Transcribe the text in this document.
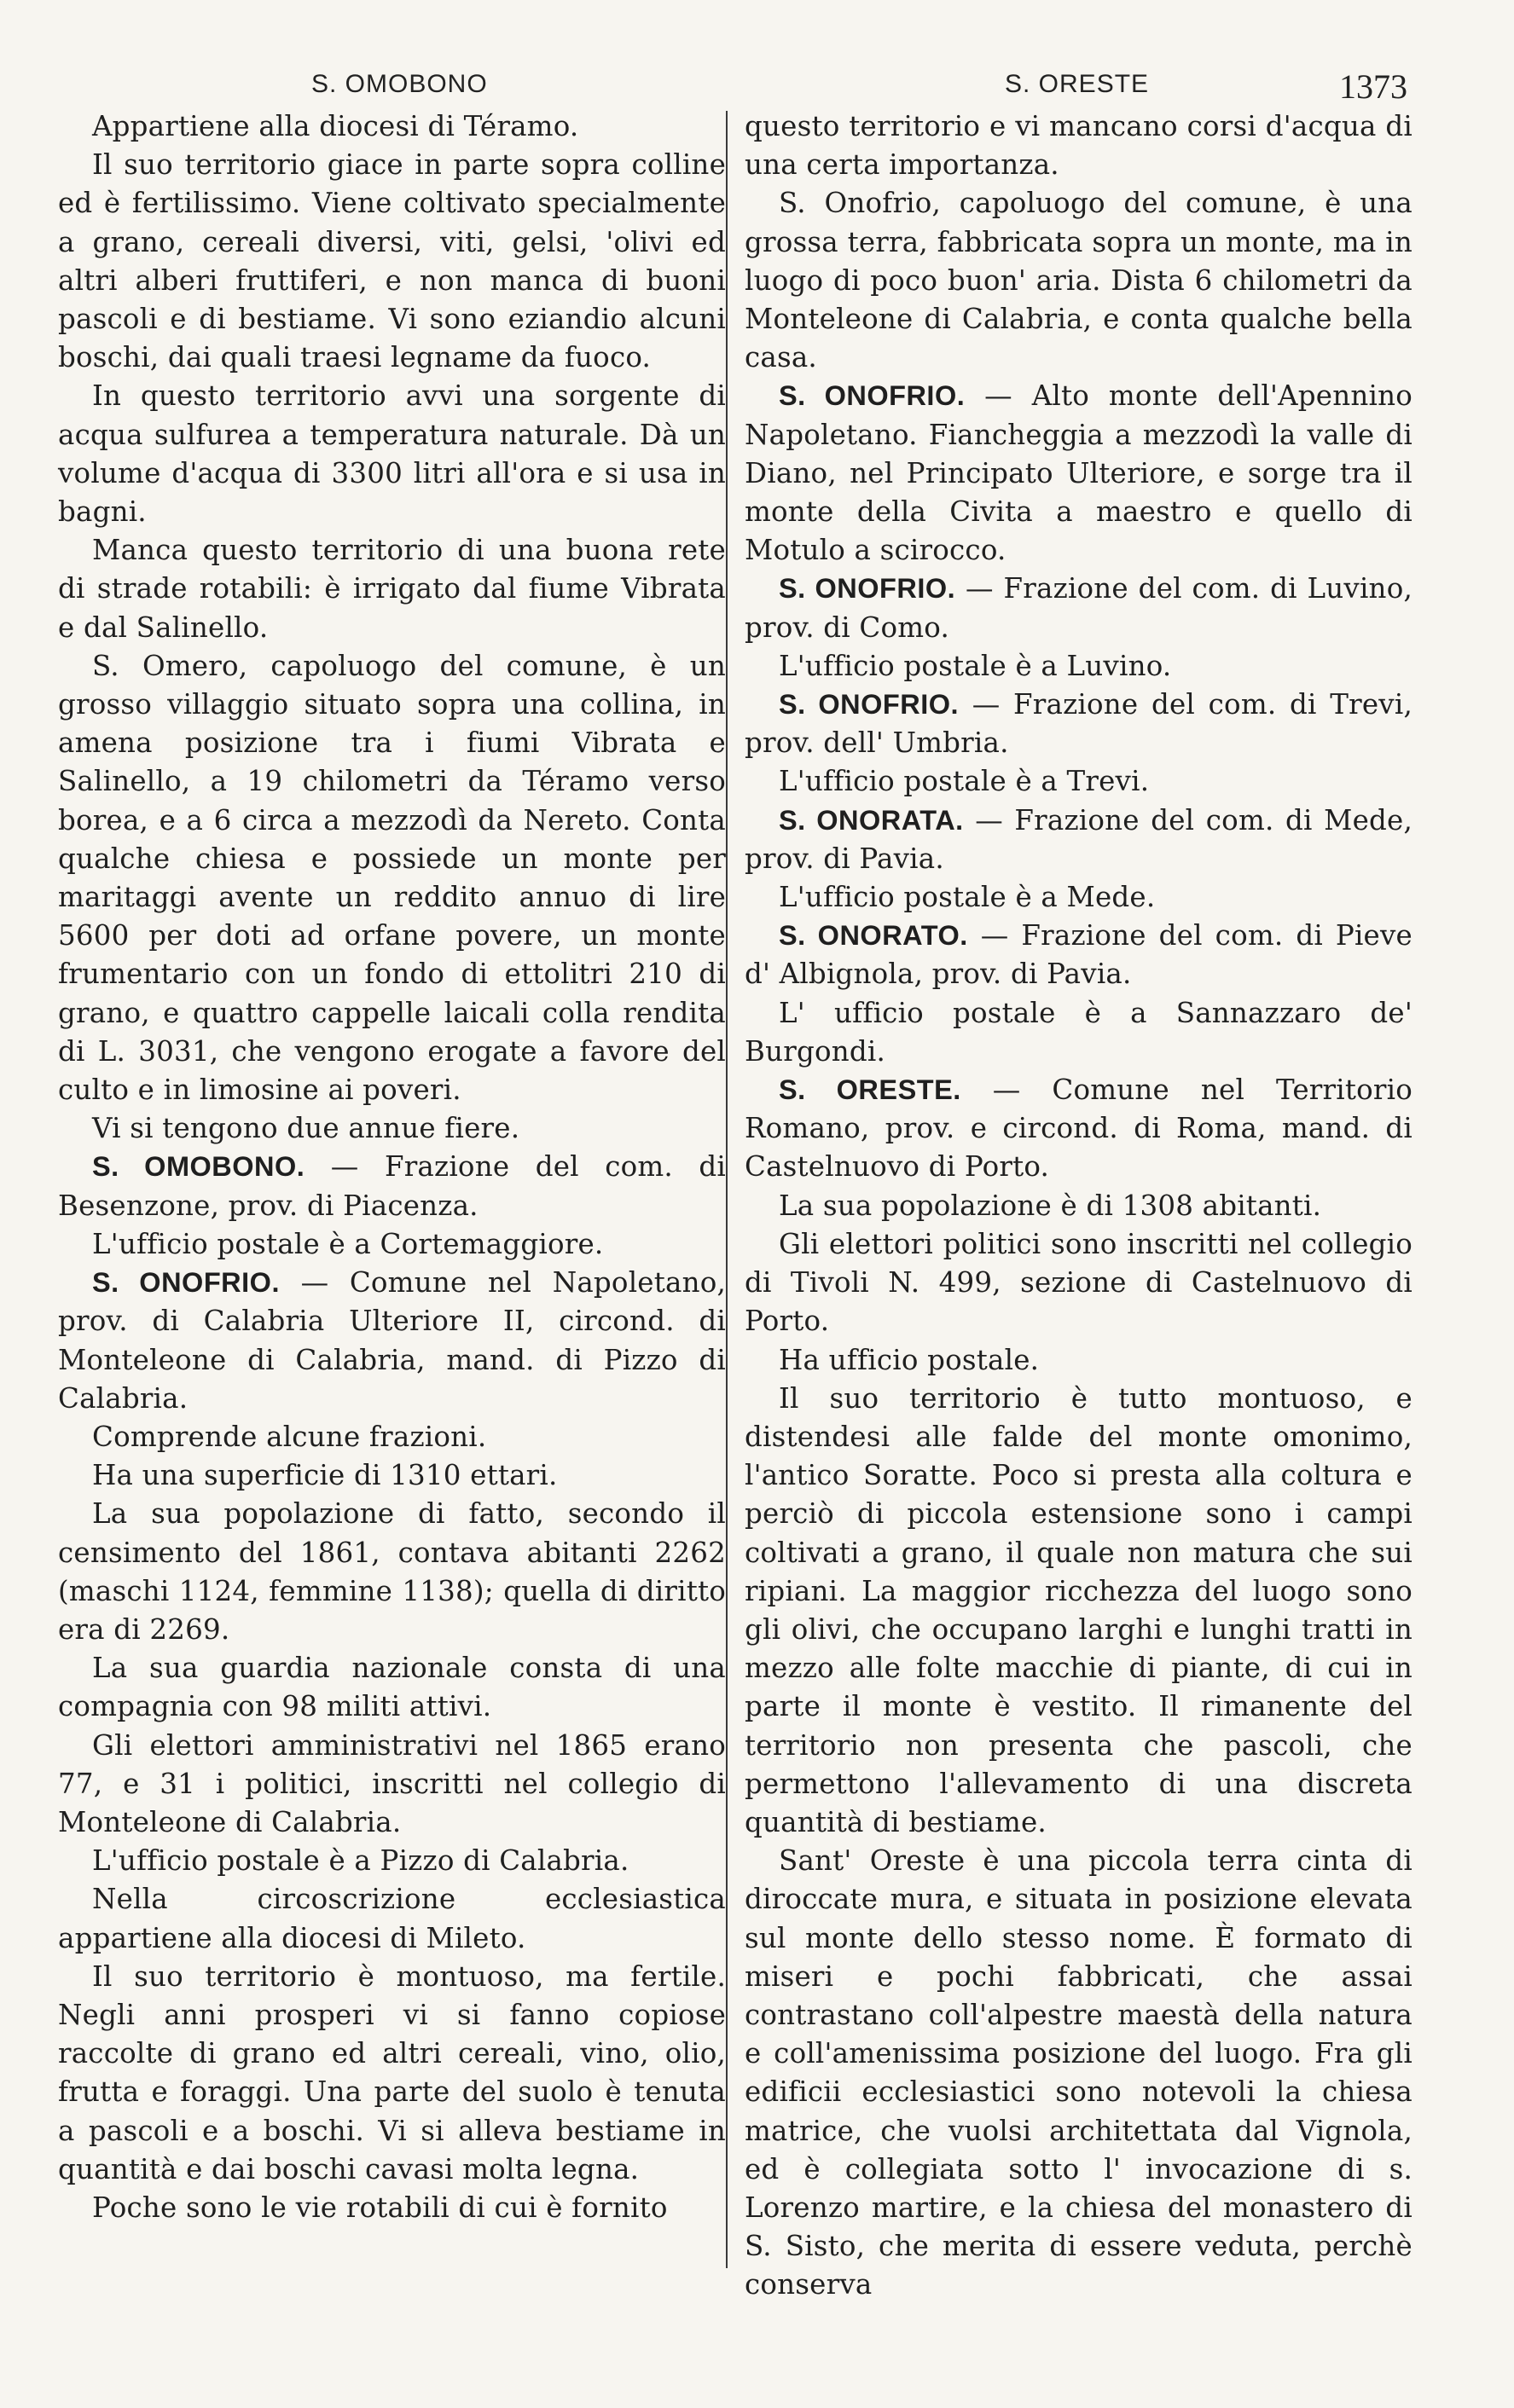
S. OMOBONO	S. ORESTE	1373

Appartiene alla diocesi di Téramo.

Il suo territorio giace in parte sopra colline ed è fertilissimo. Viene coltivato specialmente a grano, cereali diversi, viti, gelsi, 'olivi ed altri alberi fruttiferi, e non manca di buoni pascoli e di bestiame. Vi sono eziandio alcuni boschi, dai quali traesi legname da fuoco.

In questo territorio avvi una sorgente di acqua sulfurea a temperatura naturale. Dà un volume d'acqua di 3300 litri all'ora e si usa in bagni.

Manca questo territorio di una buona rete di strade rotabili: è irrigato dal fiume Vibrata e dal Salinello.

S. Omero, capoluogo del comune, è un grosso villaggio situato sopra una collina, in amena posizione tra i fiumi Vibrata e Salinello, a 19 chilometri da Téramo verso borea, e a 6 circa a mezzodì da Nereto. Conta qualche chiesa e possiede un monte per maritaggi avente un reddito annuo di lire 5600 per doti ad orfane povere, un monte frumentario con un fondo di ettolitri 210 di grano, e quattro cappelle laicali colla rendita di L. 3031, che vengono erogate a favore del culto e in limosine ai poveri.

Vi si tengono due annue fiere.

S. OMOBONO. — Frazione del com. di Besenzone, prov. di Piacenza.

L'ufficio postale è a Cortemaggiore.

S. ONOFRIO. — Comune nel Napoletano, prov. di Calabria Ulteriore II, circond. di Monteleone di Calabria, mand. di Pizzo di Calabria.

Comprende alcune frazioni.

Ha una superficie di 1310 ettari.

La sua popolazione di fatto, secondo il censimento del 1861, contava abitanti 2262 (maschi 1124, femmine 1138); quella di diritto era di 2269.

La sua guardia nazionale consta di una compagnia con 98 militi attivi.

Gli elettori amministrativi nel 1865 erano 77, e 31 i politici, inscritti nel collegio di Monteleone di Calabria.

L'ufficio postale è a Pizzo di Calabria.

Nella circoscrizione ecclesiastica appartiene alla diocesi di Mileto.

Il suo territorio è montuoso, ma fertile. Negli anni prosperi vi si fanno copiose raccolte di grano ed altri cereali, vino, olio, frutta e foraggi. Una parte del suolo è tenuta a pascoli e a boschi. Vi si alleva bestiame in quantità e dai boschi cavasi molta legna.

Poche sono le vie rotabili di cui è fornito

questo territorio e vi mancano corsi d'acqua di una certa importanza.

S. Onofrio, capoluogo del comune, è una grossa terra, fabbricata sopra un monte, ma in luogo di poco buon' aria. Dista 6 chilometri da Monteleone di Calabria, e conta qualche bella casa.

S. ONOFRIO. — Alto monte dell'Apennino Napoletano. Fiancheggia a mezzodì la valle di Diano, nel Principato Ulteriore, e sorge tra il monte della Civita a maestro e quello di Motulo a scirocco.

S. ONOFRIO. — Frazione del com. di Luvino, prov. di Como.

L'ufficio postale è a Luvino.

S. ONOFRIO. — Frazione del com. di Trevi, prov. dell' Umbria.

L'ufficio postale è a Trevi.

S. ONORATA. — Frazione del com. di Mede, prov. di Pavia.

L'ufficio postale è a Mede.

S. ONORATO. — Frazione del com. di Pieve d' Albignola, prov. di Pavia.

L' ufficio postale è a Sannazzaro de' Burgondi.

S. ORESTE. — Comune nel Territorio Romano, prov. e circond. di Roma, mand. di Castelnuovo di Porto.

La sua popolazione è di 1308 abitanti.

Gli elettori politici sono inscritti nel collegio di Tivoli N. 499, sezione di Castelnuovo di Porto.

Ha ufficio postale.

Il suo territorio è tutto montuoso, e distendesi alle falde del monte omonimo, l'antico Soratte. Poco si presta alla coltura e perciò di piccola estensione sono i campi coltivati a grano, il quale non matura che sui ripiani. La maggior ricchezza del luogo sono gli olivi, che occupano larghi e lunghi tratti in mezzo alle folte macchie di piante, di cui in parte il monte è vestito. Il rimanente del territorio non presenta che pascoli, che permettono l'allevamento di una discreta quantità di bestiame.

Sant' Oreste è una piccola terra cinta di diroccate mura, e situata in posizione elevata sul monte dello stesso nome. È formato di miseri e pochi fabbricati, che assai contrastano coll'alpestre maestà della natura e coll'amenissima posizione del luogo. Fra gli edificii ecclesiastici sono notevoli la chiesa matrice, che vuolsi architettata dal Vignola, ed è collegiata sotto l' invocazione di s. Lorenzo martire, e la chiesa del monastero di S. Sisto, che merita di essere veduta, perchè conserva
